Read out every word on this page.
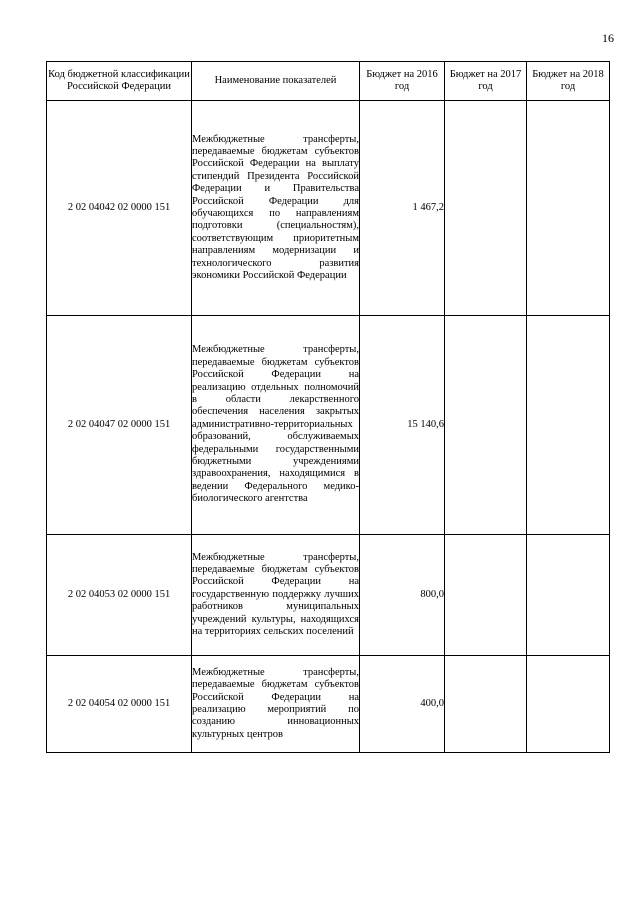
16
Код бюджетной классификации Российской Федерации	Наименование показателей	Бюджет на 2016 год	Бюджет на 2017 год	Бюджет на 2018 год
2 02 04042 02 0000 151	Межбюджетные трансферты, передаваемые бюджетам субъектов Российской Федерации на выплату стипендий Президента Российской Федерации и Правительства Российской Федерации для обучающихся по направлениям подготовки (специальностям), соответствующим приоритетным направлениям модернизации и технологического развития экономики Российской Федерации	1 467,2		
2 02 04047 02 0000 151	Межбюджетные трансферты, передаваемые бюджетам субъектов Российской Федерации на реализацию отдельных полномочий в области лекарственного обеспечения населения закрытых административно-территориальных образований, обслуживаемых федеральными государственными бюджетными учреждениями здравоохранения, находящимися в ведении Федерального медико-биологического агентства	15 140,6		
2 02 04053 02 0000 151	Межбюджетные трансферты, передаваемые бюджетам субъектов Российской Федерации на государственную поддержку лучших работников муниципальных учреждений культуры, находящихся на территориях сельских поселений	800,0		
2 02 04054 02 0000 151	Межбюджетные трансферты, передаваемые бюджетам субъектов Российской Федерации на реализацию мероприятий по созданию инновационных культурных центров	400,0		
